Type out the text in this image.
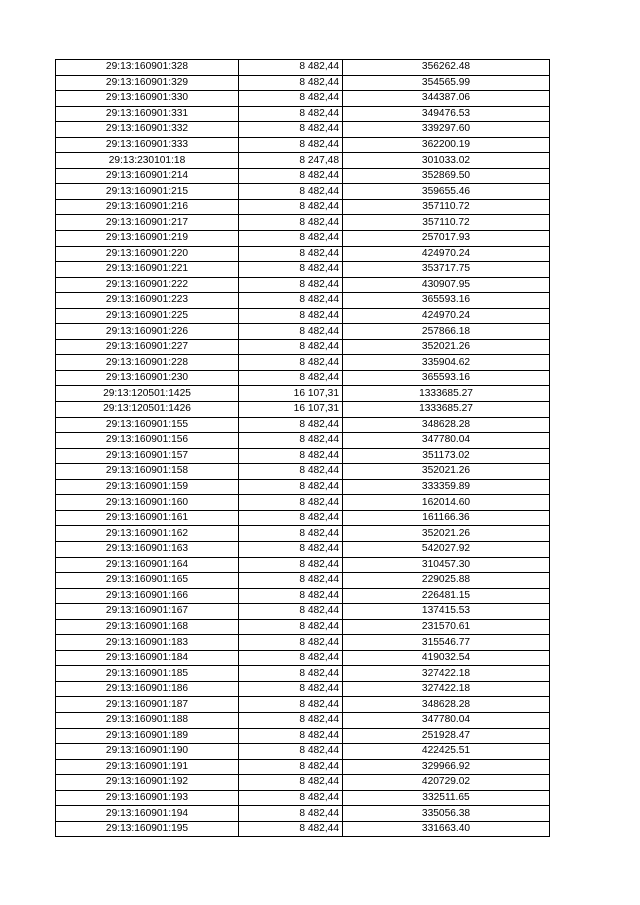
29:13:160901:328	8 482,44	356262.48
29:13:160901:329	8 482,44	354565.99
29:13:160901:330	8 482,44	344387.06
29:13:160901:331	8 482,44	349476.53
29:13:160901:332	8 482,44	339297.60
29:13:160901:333	8 482,44	362200.19
29:13:230101:18	8 247,48	301033.02
29:13:160901:214	8 482,44	352869.50
29:13:160901:215	8 482,44	359655.46
29:13:160901:216	8 482,44	357110.72
29:13:160901:217	8 482,44	357110.72
29:13:160901:219	8 482,44	257017.93
29:13:160901:220	8 482,44	424970.24
29:13:160901:221	8 482,44	353717.75
29:13:160901:222	8 482,44	430907.95
29:13:160901:223	8 482,44	365593.16
29:13:160901:225	8 482,44	424970.24
29:13:160901:226	8 482,44	257866.18
29:13:160901:227	8 482,44	352021.26
29:13:160901:228	8 482,44	335904.62
29:13:160901:230	8 482,44	365593.16
29:13:120501:1425	16 107,31	1333685.27
29:13:120501:1426	16 107,31	1333685.27
29:13:160901:155	8 482,44	348628.28
29:13:160901:156	8 482,44	347780.04
29:13:160901:157	8 482,44	351173.02
29:13:160901:158	8 482,44	352021.26
29:13:160901:159	8 482,44	333359.89
29:13:160901:160	8 482,44	162014.60
29:13:160901:161	8 482,44	161166.36
29:13:160901:162	8 482,44	352021.26
29:13:160901:163	8 482,44	542027.92
29:13:160901:164	8 482,44	310457.30
29:13:160901:165	8 482,44	229025.88
29:13:160901:166	8 482,44	226481.15
29:13:160901:167	8 482,44	137415.53
29:13:160901:168	8 482,44	231570.61
29:13:160901:183	8 482,44	315546.77
29:13:160901:184	8 482,44	419032.54
29:13:160901:185	8 482,44	327422.18
29:13:160901:186	8 482,44	327422.18
29:13:160901:187	8 482,44	348628.28
29:13:160901:188	8 482,44	347780.04
29:13:160901:189	8 482,44	251928.47
29:13:160901:190	8 482,44	422425.51
29:13:160901:191	8 482,44	329966.92
29:13:160901:192	8 482,44	420729.02
29:13:160901:193	8 482,44	332511.65
29:13:160901:194	8 482,44	335056.38
29:13:160901:195	8 482,44	331663.40
